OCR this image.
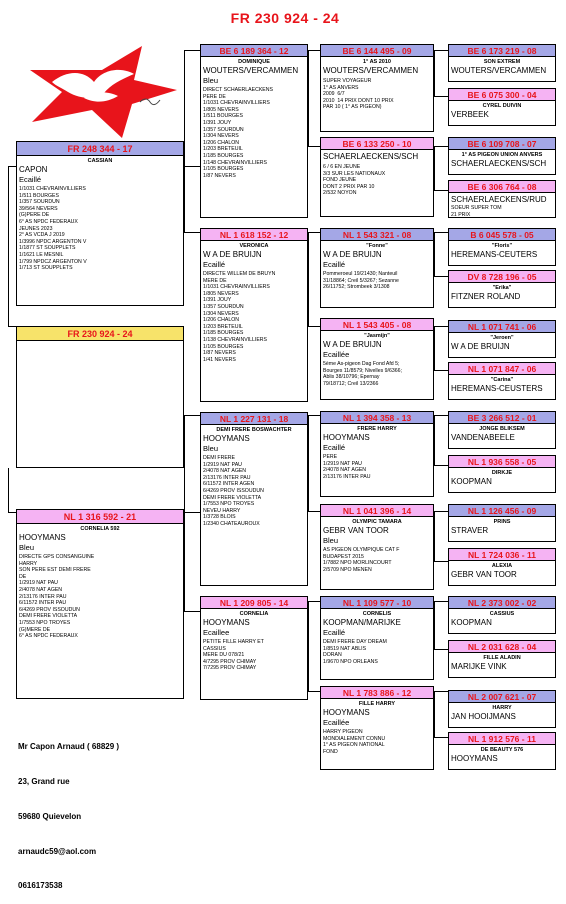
FR 230 924 - 24
FR 230 924 - 24
FR 248 344 - 17
CASSIAN
CAPON
Ecaillé
1/1031 CHEVRAINVILLIERS
1/511 BOURGES
1/357 SOURDUN
39/564 NEVERS
(G)PERE DE
6° AS NPDC FEDERAUX
JEUNES 2023
2° AS VCDA J 2019
1/3996 NPDC ARGENTON V
1/1877 ST SOUPPLETS
1/1621 LE MESNIL
1/799 NPDCZ ARGENTON V
1/713 ST SOUPPLETS
NL 1 316 592 - 21
CORNELIA 592
HOOYMANS
Bleu
DIRECTE GPS CONSANGUINE
HARRY
SON PERE EST DEMI FRERE
DE
1/2919 NAT PAU
2/4078 NAT AGEN
2/13176 INTER PAU
6/11572 INTER PAU
6/4269 PROV ISSOUDUN
DEMI FRERE VIOLETTA
1/7553 NPO TROYES
(G)MERE DE
6° AS NPDC FEDERAUX
BE 6 189 364 - 12
DOMINIQUE
WOUTERS/VERCAMMEN
Bleu
DIRECT SCHAERLAECKENS
PERE DE
1/1031 CHEVRAINVILLIERS
1/805 NEVERS
1/511 BOURGES
1/391 JOUY
1/357 SOURDUN
1/304 NEVERS
1/206 CHALON
1/203 BRETEUIL
1/185 BOURGES
1/148 CHEVRAINVILLIERS
1/105 BOURGES
1/87 NEVERS
NL 1 618 152 - 12
VERONICA
W A DE BRUIJN
Ecaillé
DIRECTE WILLEM DE BRUYN
MERE DE
1/1031 CHEVRAINVILLIERS
1/805 NEVERS
1/391 JOUY
1/357 SOURDUN
1/304 NEVERS
1/206 CHALON
1/203 BRETEUIL
1/185 BOURGES
1/138 CHEVRAINVILLIERS
1/105 BOURGES
1/87 NEVERS
1/41 NEVERS
NL 1 227 131 - 18
DEMI FRERE BOSWACHTER
HOOYMANS
Bleu
DEMI FRERE
1/2919 NAT PAU
2/4078 NAT AGEN
2/13176 INTER PAU
6/11572 INTER AGEN
6/4269 PROV ISSOUDUN
DEMI FRERE VIOLETTA
1/7553 NPO TROYES
NEVEU HARRY
1/3728 BLOIS
1/2340 CHATEAUROUX
NL 1 209 805 - 14
CORNELIA
HOOYMANS
Ecaillee
PETITE FILLE HARRY ET
CASSIUS
MERE DU 078/21
4/7295 PROV CHIMAY
7/7295 PROV CHIMAY
BE 6 144 495 - 09
1° AS 2010
WOUTERS/VERCAMMEN
SUPER VOYAGEUR
1° AS ANVERS
2009  6/7
2010  14 PRIX DONT 10 PRIX
PAR 10 ( 1° AS PIGEON)
BE 6 133 250 - 10
SCHAERLAECKENS/SCH
6 / 6 EN JEUNE
3/3 SUR LES NATIONAUX
FOND JEUNE
DONT 2 PRIX PAR 10
2/532 NOYON
NL 1 543 321 - 08
"Fonne"
W A DE BRUIJN
Ecaillé
Pommeroeul 19/21430; Nanteuil
31/18864; Creil 5/3267; Sezanne
26/11752; Strombeek 3/1308
NL 1 543 405 - 08
"Jasmijn"
W A DE BRUIJN
Ecaillée
5ème As-pigeon Dag Fond Afd 5;
Bourges 11/8579; Nivelles 9/6366;
Ablis 38/10796; Epernay
79/18712; Creil 13/2366
NL 1 394 358 - 13
FRERE HARRY
HOOYMANS
Ecaillé
PERE
1/2919 NAT PAU
2/4078 NAT AGEN
2/13176 INTER PAU
NL 1 041 396 - 14
OLYMPIC TAMARA
GEBR VAN TOOR
Bleu
AS PIGEON OLYMPIQUE CAT F
BUDAPEST 2015
1/7882 NPO MORLINCOURT
2/5709 NPO MENEN
NL 1 109 577 - 10
CORNELIS
KOOPMAN/MARIJKE
Ecaillé
DEMI FRERE DAY DREAM
1/8519 NAT ABLIS
DORAN
1/9670 NPO ORLEANS
NL 1 783 886 - 12
FILLE HARRY
HOOYMANS
Ecaillée
HARRY PIGEON
MONDIALEMENT CONNU
1° AS PIGEON NATIONAL
FOND
BE 6 173 219 - 08
SON EXTREM
WOUTERS/VERCAMMEN
BE 6 075 300 - 04
CYREL DUIVIN
VERBEEK
BE 6 109 708 - 07
1° AS PIGEON UNION ANVERS
SCHAERLAECKENS/SCH
BE 6 306 764 - 08
SCHAERLAECKENS/RUD
SOEUR SUPER TOM
21 PRIX
B 6 045 578 - 05
"Floris"
HEREMANS-CEUTERS
DV 8 728 196 - 05
"Erika"
FITZNER ROLAND
NL 1 071 741 - 06
"Jeroen"
W A DE BRUIJN
NL 1 071 847 - 06
"Carina"
HEREMANS-CEUSTERS
BE 3 266 512 - 01
JONGE BLIKSEM
VANDENABEELE
NL 1 936 558 - 05
DIRKJE
KOOPMAN
NL 1 126 456 - 09
PRINS
STRAVER
NL 1 724 036 - 11
ALEXIA
GEBR VAN TOOR
NL 2 373 002 - 02
CASSIUS
KOOPMAN
NL 2 031 628 - 04
FILLE ALADIN
MARIJKE VINK
NL 2 007 621 - 07
HARRY
JAN HOOIJMANS
NL 1 912 576 - 11
DE BEAUTY 576
HOOYMANS

Mr Capon Arnaud ( 68829 )

23, Grand rue

59680 Quievelon

arnaudc59@aol.com

0616173538
